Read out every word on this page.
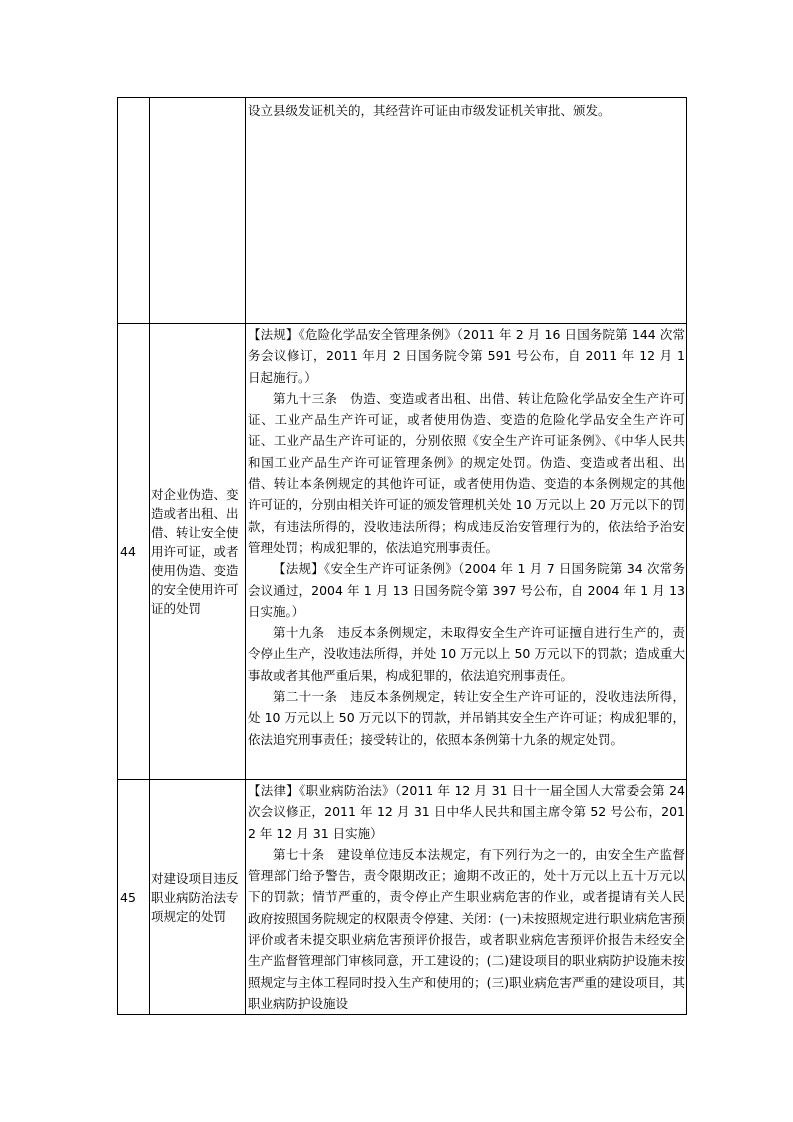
		设立县级发证机关的，其经营许可证由市级发证机关审批、颁发。

44	对企业伪造、变造或者出租、出借、转让安全使用许可证，或者使用伪造、变造的安全使用许可证的处罚	【法规】《危险化学品安全管理条例》（2011 年 2 月 16 日国务院第 144 次常务会议修订，2011 年月 2 日国务院令第 591 号公布，自 2011 年 12 月 1 日起施行。）

第九十三条　伪造、变造或者出租、出借、转让危险化学品安全生产许可证、工业产品生产许可证，或者使用伪造、变造的危险化学品安全生产许可证、工业产品生产许可证的，分别依照《安全生产许可证条例》、《中华人民共和国工业产品生产许可证管理条例》的规定处罚。伪造、变造或者出租、出借、转让本条例规定的其他许可证，或者使用伪造、变造的本条例规定的其他许可证的，分别由相关许可证的颁发管理机关处 10 万元以上 20 万元以下的罚款，有违法所得的，没收违法所得；构成违反治安管理行为的，依法给予治安管理处罚；构成犯罪的，依法追究刑事责任。

【法规】《安全生产许可证条例》（2004 年 1 月 7 日国务院第 34 次常务会议通过，2004 年 1 月 13 日国务院令第 397 号公布，自 2004 年 1 月 13 日实施。）

第十九条　违反本条例规定，未取得安全生产许可证擅自进行生产的，责令停止生产，没收违法所得，并处 10 万元以上 50 万元以下的罚款；造成重大事故或者其他严重后果，构成犯罪的，依法追究刑事责任。

第二十一条　违反本条例规定，转让安全生产许可证的，没收违法所得，处 10 万元以上 50 万元以下的罚款，并吊销其安全生产许可证；构成犯罪的，依法追究刑事责任；接受转让的，依照本条例第十九条的规定处罚。

45	对建设项目违反职业病防治法专项规定的处罚	【法律】《职业病防治法》（2011 年 12 月 31 日十一届全国人大常委会第 24 次会议修正，2011 年 12 月 31 日中华人民共和国主席令第 52 号公布，2012 年 12 月 31 日实施）

第七十条　建设单位违反本法规定，有下列行为之一的，由安全生产监督管理部门给予警告，责令限期改正；逾期不改正的，处十万元以上五十万元以下的罚款；情节严重的，责令停止产生职业病危害的作业，或者提请有关人民政府按照国务院规定的权限责令停建、关闭：(一)未按照规定进行职业病危害预评价或者未提交职业病危害预评价报告，或者职业病危害预评价报告未经安全生产监督管理部门审核同意，开工建设的；(二)建设项目的职业病防护设施未按照规定与主体工程同时投入生产和使用的；(三)职业病危害严重的建设项目，其职业病防护设施设
